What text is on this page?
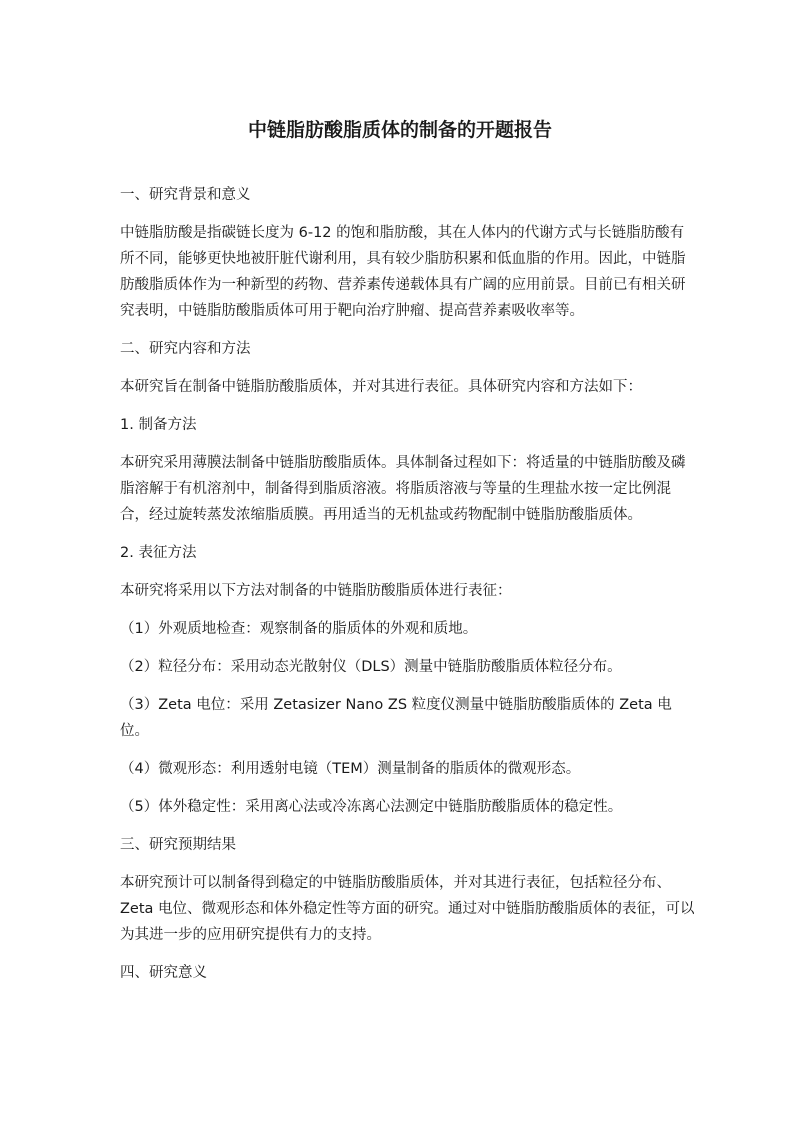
中链脂肪酸脂质体的制备的开题报告

一、研究背景和意义

中链脂肪酸是指碳链长度为 6-12 的饱和脂肪酸，其在人体内的代谢方式与长链脂肪酸有所不同，能够更快地被肝脏代谢利用，具有较少脂肪积累和低血脂的作用。因此，中链脂肪酸脂质体作为一种新型的药物、营养素传递载体具有广阔的应用前景。目前已有相关研究表明，中链脂肪酸脂质体可用于靶向治疗肿瘤、提高营养素吸收率等。

二、研究内容和方法

本研究旨在制备中链脂肪酸脂质体，并对其进行表征。具体研究内容和方法如下：

1. 制备方法

本研究采用薄膜法制备中链脂肪酸脂质体。具体制备过程如下：将适量的中链脂肪酸及磷脂溶解于有机溶剂中，制备得到脂质溶液。将脂质溶液与等量的生理盐水按一定比例混合，经过旋转蒸发浓缩脂质膜。再用适当的无机盐或药物配制中链脂肪酸脂质体。

2. 表征方法

本研究将采用以下方法对制备的中链脂肪酸脂质体进行表征：

（1）外观质地检查：观察制备的脂质体的外观和质地。

（2）粒径分布：采用动态光散射仪（DLS）测量中链脂肪酸脂质体粒径分布。

（3）Zeta 电位：采用 Zetasizer Nano ZS 粒度仪测量中链脂肪酸脂质体的 Zeta 电位。

（4）微观形态：利用透射电镜（TEM）测量制备的脂质体的微观形态。

（5）体外稳定性：采用离心法或冷冻离心法测定中链脂肪酸脂质体的稳定性。

三、研究预期结果

本研究预计可以制备得到稳定的中链脂肪酸脂质体，并对其进行表征，包括粒径分布、Zeta 电位、微观形态和体外稳定性等方面的研究。通过对中链脂肪酸脂质体的表征，可以为其进一步的应用研究提供有力的支持。

四、研究意义
